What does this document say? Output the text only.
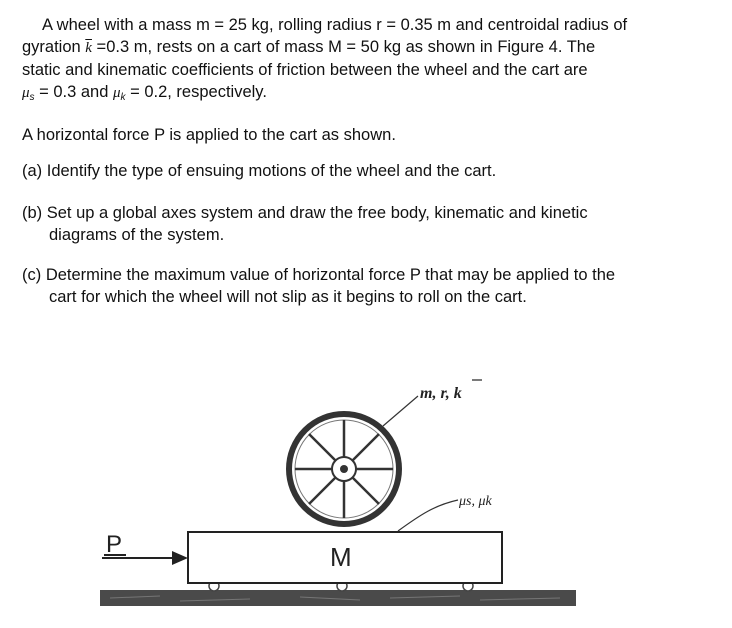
A wheel with a mass m = 25 kg, rolling radius r = 0.35 m and centroidal radius of
gyration $\overline{k} =0.3$ m, rests on a cart of mass M = 50 kg as shown in Figure 4. The
static and kinematic coefficients of friction between the wheel and the cart are
$\mu_s = 0.3$ and $\mu_k = 0.2$, respectively.
A horizontal force P is applied to the cart as shown.
(a) Identify the type of ensuing motions of the wheel and the cart.
(b) Set up a global axes system and draw the free body, kinematic and kinetic
diagrams of the system.
(c) Determine the maximum value of horizontal force P that may be applied to the
cart for which the wheel will not slip as it begins to roll on the cart.
M
P
m, r, k
μs, μk
